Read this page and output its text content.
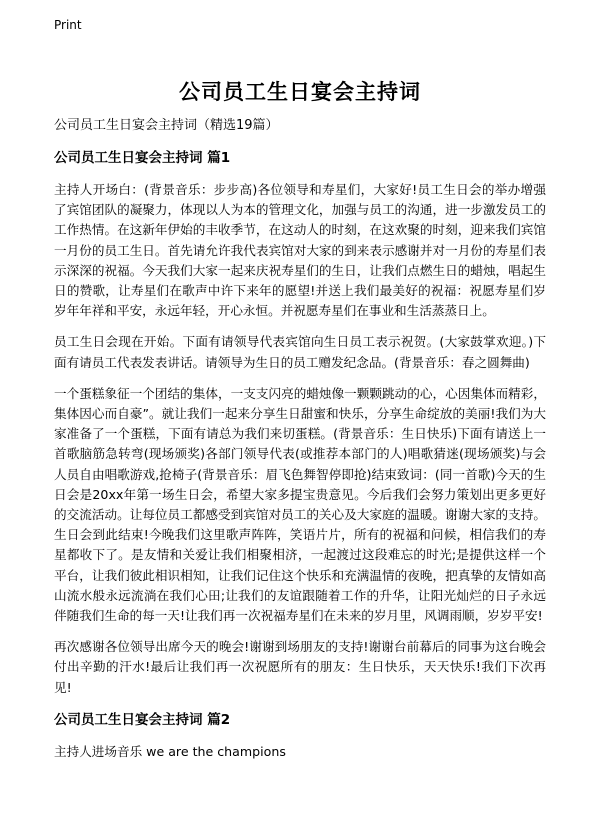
Print
公司员工生日宴会主持词

公司员工生日宴会主持词（精选19篇）

公司员工生日宴会主持词 篇1

主持人开场白：(背景音乐：步步高)各位领导和寿星们，大家好!员工生日会的举办增强了宾馆团队的凝聚力，体现以人为本的管理文化，加强与员工的沟通，进一步激发员工的工作热情。在这新年伊始的丰收季节，在这动人的时刻，在这欢聚的时刻，迎来我们宾馆一月份的员工生日。首先请允许我代表宾馆对大家的到来表示感谢并对一月份的寿星们表示深深的祝福。今天我们大家一起来庆祝寿星们的生日，让我们点燃生日的蜡烛，唱起生日的赞歌，让寿星们在歌声中许下来年的愿望!并送上我们最美好的祝福：祝愿寿星们岁岁年年祥和平安，永远年轻，开心永恒。并祝愿寿星们在事业和生活蒸蒸日上。

员工生日会现在开始。下面有请领导代表宾馆向生日员工表示祝贺。(大家鼓掌欢迎。)下面有请员工代表发表讲话。请领导为生日的员工赠发纪念品。(背景音乐：春之圆舞曲)

一个蛋糕象征一个团结的集体，一支支闪亮的蜡烛像一颗颗跳动的心，心因集体而精彩，集体因心而自豪”。就让我们一起来分享生日甜蜜和快乐，分享生命绽放的美丽!我们为大家准备了一个蛋糕，下面有请总为我们来切蛋糕。(背景音乐：生日快乐)下面有请送上一首歌脑筋急转弯(现场颁奖)各部门领导代表(或推荐本部门的人)唱歌猜迷(现场颁奖)与会人员自由唱歌游戏,抢椅子(背景音乐：眉飞色舞智停即抢)结束致词：(同一首歌)今天的生日会是20xx年第一场生日会，希望大家多提宝贵意见。今后我们会努力策划出更多更好的交流活动。让每位员工都感受到宾馆对员工的关心及大家庭的温暖。谢谢大家的支持。生日会到此结束!今晚我们这里歌声阵阵，笑语片片，所有的祝福和问候，相信我们的寿星都收下了。是友情和关爱让我们相聚相济，一起渡过这段难忘的时光;是提供这样一个平台，让我们彼此相识相知，让我们记住这个快乐和充满温情的夜晚，把真挚的友情如高山流水般永远流淌在我们心田;让我们的友谊跟随着工作的升华，让阳光灿烂的日子永远伴随我们生命的每一天!让我们再一次祝福寿星们在未来的岁月里，风调雨顺，岁岁平安!

再次感谢各位领导出席今天的晚会!谢谢到场朋友的支持!谢谢台前幕后的同事为这台晚会付出辛勤的汗水!最后让我们再一次祝愿所有的朋友：生日快乐，天天快乐!我们下次再见!

公司员工生日宴会主持词 篇2

主持人进场音乐 we are the champions
